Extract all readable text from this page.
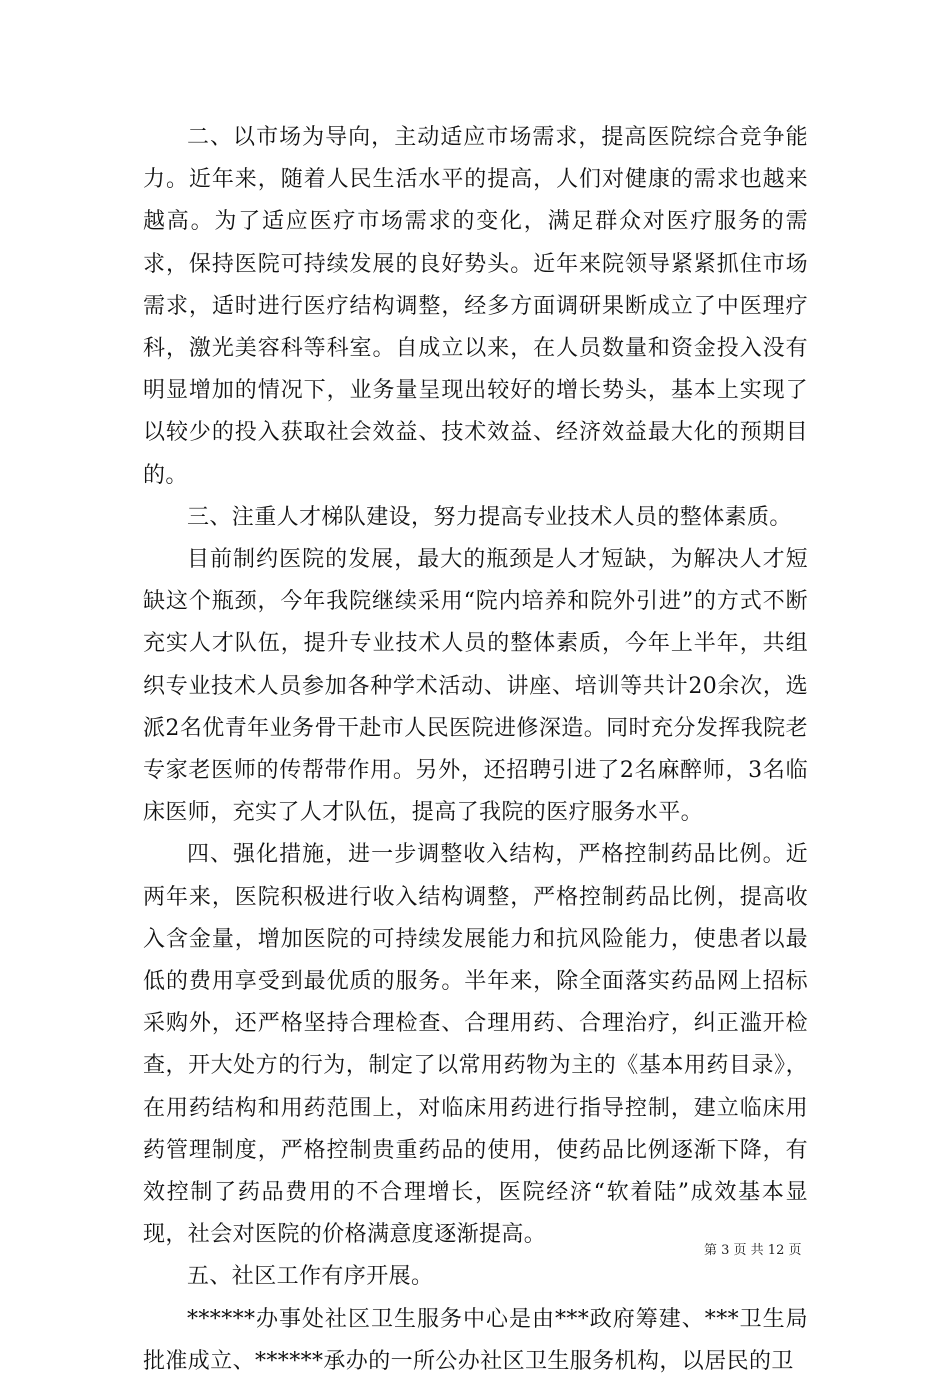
二、以市场为导向，主动适应市场需求，提高医院综合竞争能力。近年来，随着人民生活水平的提高，人们对健康的需求也越来越高。为了适应医疗市场需求的变化，满足群众对医疗服务的需求，保持医院可持续发展的良好势头。近年来院领导紧紧抓住市场需求，适时进行医疗结构调整，经多方面调研果断成立了中医理疗科，激光美容科等科室。自成立以来，在人员数量和资金投入没有明显增加的情况下，业务量呈现出较好的增长势头，基本上实现了以较少的投入获取社会效益、技术效益、经济效益最大化的预期目的。

三、注重人才梯队建设，努力提高专业技术人员的整体素质。

目前制约医院的发展，最大的瓶颈是人才短缺，为解决人才短缺这个瓶颈，今年我院继续采用“院内培养和院外引进”的方式不断充实人才队伍，提升专业技术人员的整体素质，今年上半年，共组织专业技术人员参加各种学术活动、讲座、培训等共计20余次，选派2名优青年业务骨干赴市人民医院进修深造。同时充分发挥我院老专家老医师的传帮带作用。另外，还招聘引进了2名麻醉师，3名临床医师，充实了人才队伍，提高了我院的医疗服务水平。

四、强化措施，进一步调整收入结构，严格控制药品比例。近两年来，医院积极进行收入结构调整，严格控制药品比例，提高收入含金量，增加医院的可持续发展能力和抗风险能力，使患者以最低的费用享受到最优质的服务。半年来，除全面落实药品网上招标采购外，还严格坚持合理检查、合理用药、合理治疗，纠正滥开检查，开大处方的行为，制定了以常用药物为主的《基本用药目录》，在用药结构和用药范围上，对临床用药进行指导控制，建立临床用药管理制度，严格控制贵重药品的使用，使药品比例逐渐下降，有效控制了药品费用的不合理增长，医院经济“软着陆”成效基本显现，社会对医院的价格满意度逐渐提高。

五、社区工作有序开展。

******办事处社区卫生服务中心是由***政府筹建、***卫生局批准成立、******承办的一所公办社区卫生服务机构，以居民的卫

第 3 页 共 12 页
